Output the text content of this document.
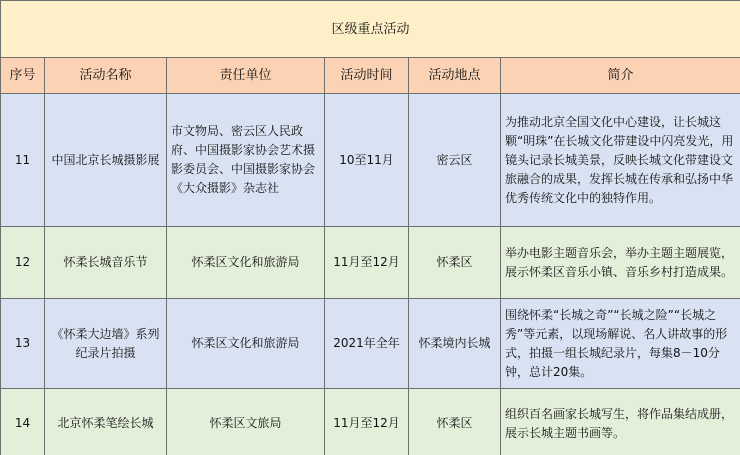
区级重点活动					
序号	活动名称	责任单位	活动时间	活动地点	简介
11	中国北京长城摄影展	市文物局、密云区人民政府、中国摄影家协会艺术摄影委员会、中国摄影家协会《大众摄影》杂志社	10至11月	密云区	为推动北京全国文化中心建设，让长城这颗“明珠”在长城文化带建设中闪亮发光，用镜头记录长城美景，反映长城文化带建设文旅融合的成果，发挥长城在传承和弘扬中华优秀传统文化中的独特作用。
12	怀柔长城音乐节	怀柔区文化和旅游局	11月至12月	怀柔区	举办电影主题音乐会，举办主题主题展览，展示怀柔区音乐小镇、音乐乡村打造成果。
13	《怀柔大边墙》系列纪录片拍摄	怀柔区文化和旅游局	2021年全年	怀柔境内长城	围绕怀柔“长城之奇”“长城之险”“长城之秀”等元素，以现场解说、名人讲故事的形式，拍摄一组长城纪录片，每集8－10分钟，总计20集。
14	北京怀柔笔绘长城	怀柔区文旅局	11月至12月	怀柔区	组织百名画家长城写生，将作品集结成册，展示长城主题书画等。
